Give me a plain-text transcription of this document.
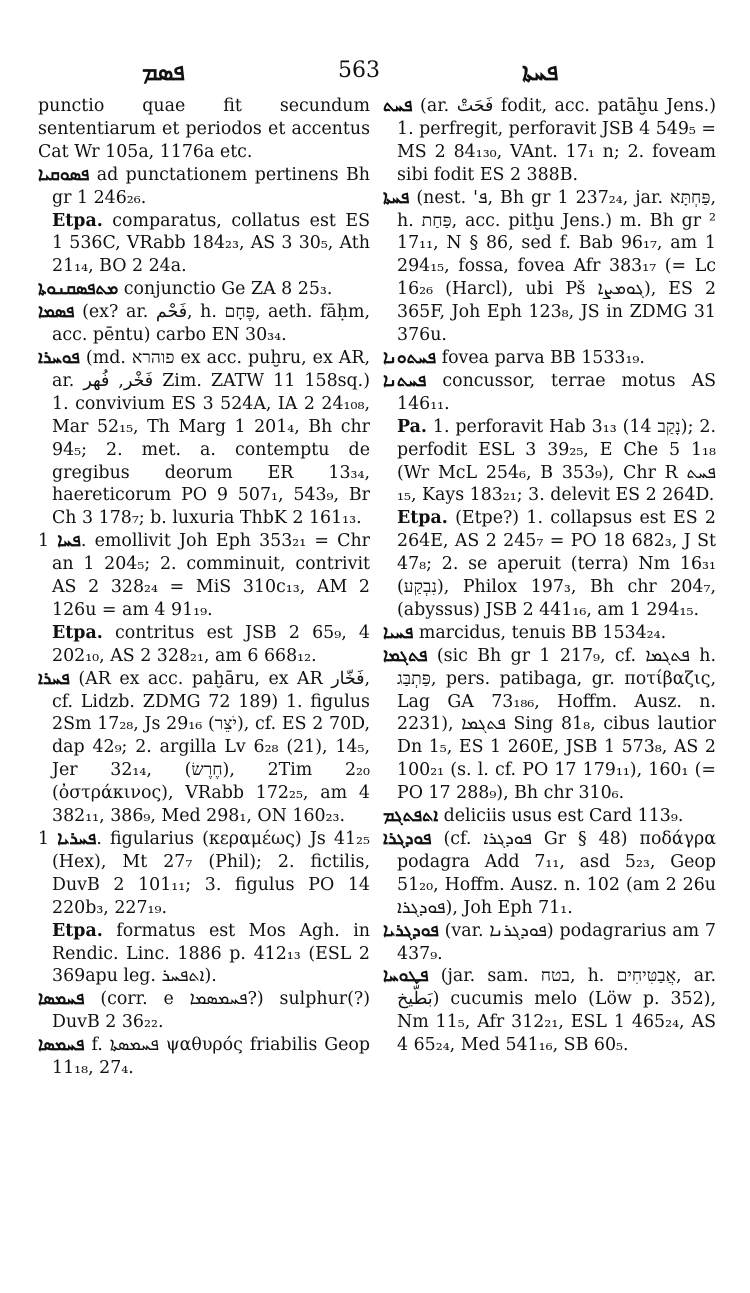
ܦܣܡ	563	ܦܚܬܐ

punctio quae fit secundum sententiarum et periodos et accentus Cat Wr 105a, 1176a etc.

ܦܣܘܩܝܐ ad punctationem pertinens Bh gr 1 246₂₆.

Etpa. comparatus, collatus est ES 1 536C, VRabb 184₂₃, AS 3 30₅, Ath 21₁₄, BO 2 24a.

ܡܬܦܣܩܢܘܬܐ conjunctio Ge ZA 8 25₃.

ܦܣܡܐ (ex? ar. فَحْم, h. פֶּחָם, aeth. fāḥm, acc. pēntu) carbo EN 30₃₄.

ܦܘܚܪܐ (md. פוהרא ex acc. puḫru, ex AR, ar. فَخْر, فُهر Zim. ZATW 11 158sq.) 1. convivium ES 3 524A, IA 2 24₁₀₈, Mar 52₁₅, Th Marg 1 201₄, Bh chr 94₅; 2. met. a. contemptu de gregibus deorum ER 13₃₄, haereticorum PO 9 507₁, 543₉, Br Ch 3 178₇; b. luxuria ThbK 2 161₁₃.

ܦܚܐ 1. emollivit Joh Eph 353₂₁ = Chr an 1 204₅; 2. comminuit, contrivit AS 2 328₂₄ = MiS 310c₁₃, AM 2 126u = am 4 91₁₉.

Etpa. contritus est JSB 2 65₉, 4 202₁₀, AS 2 328₂₁, am 6 668₁₂.

ܦܚܪܐ (AR ex acc. paḫāru, ex AR فَخّار, cf. Lidzb. ZDMG 72 189) 1. figulus 2Sm 17₂₈, Js 29₁₆ (יֹצֵר), cf. ES 2 70D, dap 42₉; 2. argilla Lv 6₂₈ (21), 14₅, Jer 32₁₄, (חֶרֶשׂ), 2Tim 2₂₀ (ὀστράκινος), VRabb 172₂₅, am 4 382₁₁, 386₉, Med 298₁, ON 160₂₃.

ܦܚܪܝܐ 1. figularius (κεραμέως) Js 41₂₅ (Hex), Mt 27₇ (Phil); 2. fictilis, DuvB 2 101₁₁; 3. figulus PO 14 220b₃, 227₁₉.

Etpa. formatus est Mos Agh. in Rendic. Linc. 1886 p. 412₁₃ (ESL 2 369apu leg. ܐܬܦܚܪ).

ܦܚܡܣܐ (corr. e ܦܚܡܣܡܐ?) sulphur(?) DuvB 2 36₂₂.

ܦܚܡܣܐ f. ܦܚܡܣܬܐ ψαθυρός friabilis Geop 11₁₈, 27₄.

ܦܚܬ (ar. فَحَتْ fodit, acc. patāḫu Jens.) 1. perfregit, perforavit JSB 4 549₅ = MS 2 84₁₃₀, VAnt. 17₁ n; 2. foveam sibi fodit ES 2 388B.

ܦܚܬܐ (nest. 'ܦ, Bh gr 1 237₂₄, jar. פַּחְתָּא, h. פַּחַת, acc. pitḫu Jens.) m. Bh gr ² 17₁₁, N § 86, sed f. Bab 96₁₇, am 1 294₁₅, fossa, fovea Afr 383₁₇ (= Lc 16₂₆ (Harcl), ubi Pš ܓܘܡܨܐ), ES 2 365F, Joh Eph 123₈, JS in ZDMG 31 376u.

ܦܚܬܘܢܐ fovea parva BB 1533₁₉.

ܦܚܬܢܐ concussor, terrae motus AS 146₁₁.

Pa. 1. perforavit Hab 3₁₃ (14 נָקַב); 2. perfodit ESL 3 39₂₅, E Che 5 1₁₈ (Wr McL 254₆, B 353₉), Chr R ܦܚܬ ₁₅, Kays 183₂₁; 3. delevit ES 2 264D.

Etpa. (Etpe?) 1. collapsus est ES 2 264E, AS 2 245₇ = PO 18 682₃, J St 47₈; 2. se aperuit (terra) Nm 16₃₁ (נִבְקַע), Philox 197₃, Bh chr 204₇, (abyssus) JSB 2 441₁₆, am 1 294₁₅.

ܦܚܝܐ marcidus, tenuis BB 1534₂₄.

ܦܬܓܡܐ (sic Bh gr 1 217₉, cf. ܦܬܓܡܐ h. פַּתְבַּג, pers. patibaga, gr. ποτίβαζις, Lag GA 73₁₈₆, Hoffm. Ausz. n. 2231), ܦܬܓܡܐ Sing 81₈, cibus lautior Dn 1₅, ES 1 260E, JSB 1 573₈, AS 2 100₂₁ (s. l. cf. PO 17 179₁₁), 160₁ (= PO 17 288₉), Bh chr 310₆.

ܐܬܦܬܓܡ deliciis usus est Card 113₉.

ܦܘܕܓܪܐ (cf. ܦܘܕܓܪܐ Gr § 48) ποδάγρα podagra Add 7₁₁, asd 5₂₃, Geop 51₂₀, Hoffm. Ausz. n. 102 (am 2 26u ܦܘܕܓܪܐ), Joh Eph 71₁.

ܦܘܕܓܪܝܐ (var. ܦܘܕܓܪܢܐ) podagrarius am 7 437₉.

ܦܛܘܚܐ (jar. sam. בטח, h. אֲבַטִּיחִים, ar. بَطّيخ) cucumis melo (Löw p. 352), Nm 11₅, Afr 312₂₁, ESL 1 465₂₄, AS 4 65₂₄, Med 541₁₆, SB 60₅.
